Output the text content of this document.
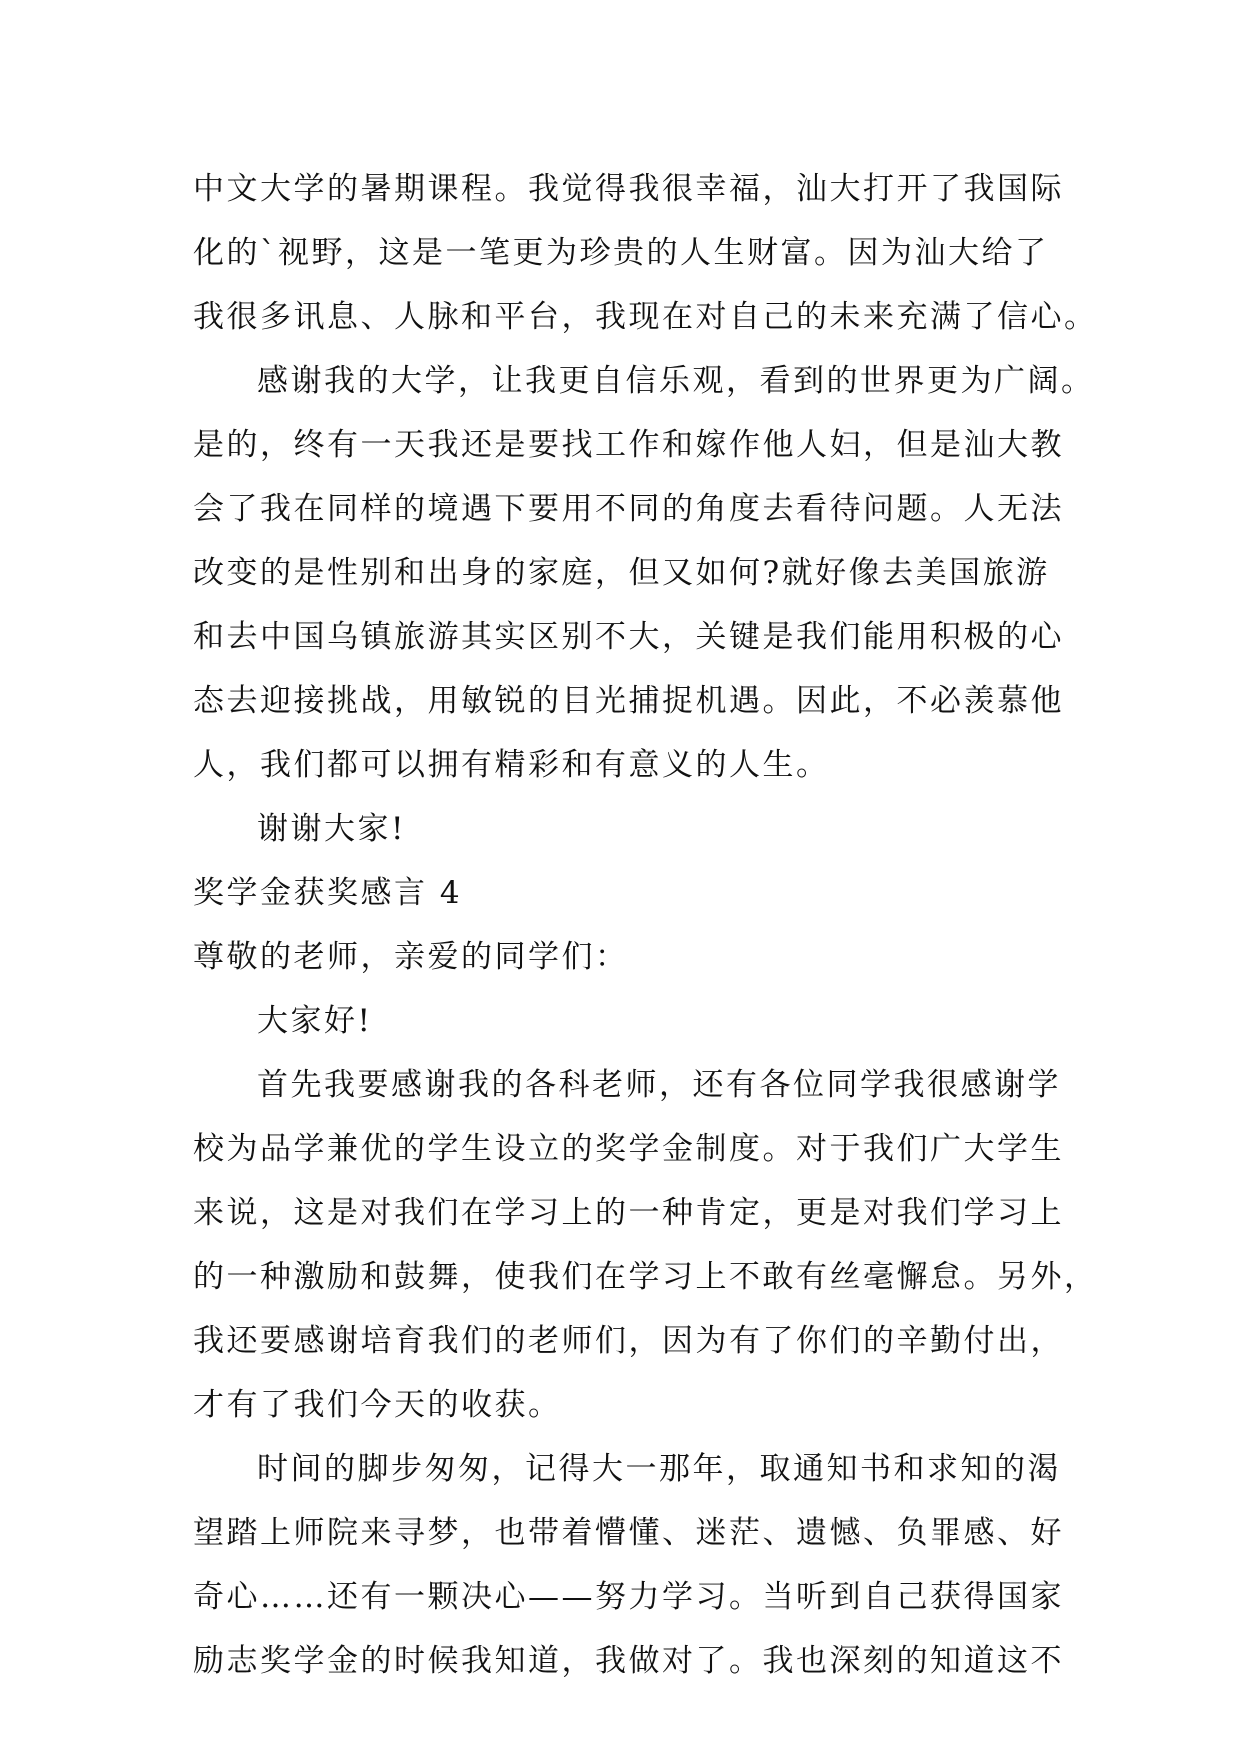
中文大学的暑期课程。我觉得我很幸福，汕大打开了我国际
化的`视野，这是一笔更为珍贵的人生财富。因为汕大给了
我很多讯息、人脉和平台，我现在对自己的未来充满了信心。
感谢我的大学，让我更自信乐观，看到的世界更为广阔。
是的，终有一天我还是要找工作和嫁作他人妇，但是汕大教
会了我在同样的境遇下要用不同的角度去看待问题。人无法
改变的是性别和出身的家庭，但又如何?就好像去美国旅游
和去中国乌镇旅游其实区别不大，关键是我们能用积极的心
态去迎接挑战，用敏锐的目光捕捉机遇。因此，不必羡慕他
人，我们都可以拥有精彩和有意义的人生。
谢谢大家!
奖学金获奖感言 4
尊敬的老师，亲爱的同学们：
大家好!
首先我要感谢我的各科老师，还有各位同学我很感谢学
校为品学兼优的学生设立的奖学金制度。对于我们广大学生
来说，这是对我们在学习上的一种肯定，更是对我们学习上
的一种激励和鼓舞，使我们在学习上不敢有丝毫懈怠。另外，
我还要感谢培育我们的老师们，因为有了你们的辛勤付出，
才有了我们今天的收获。
时间的脚步匆匆，记得大一那年，取通知书和求知的渴
望踏上师院来寻梦，也带着懵懂、迷茫、遗憾、负罪感、好
奇心……还有一颗决心——努力学习。当听到自己获得国家
励志奖学金的时候我知道，我做对了。我也深刻的知道这不
